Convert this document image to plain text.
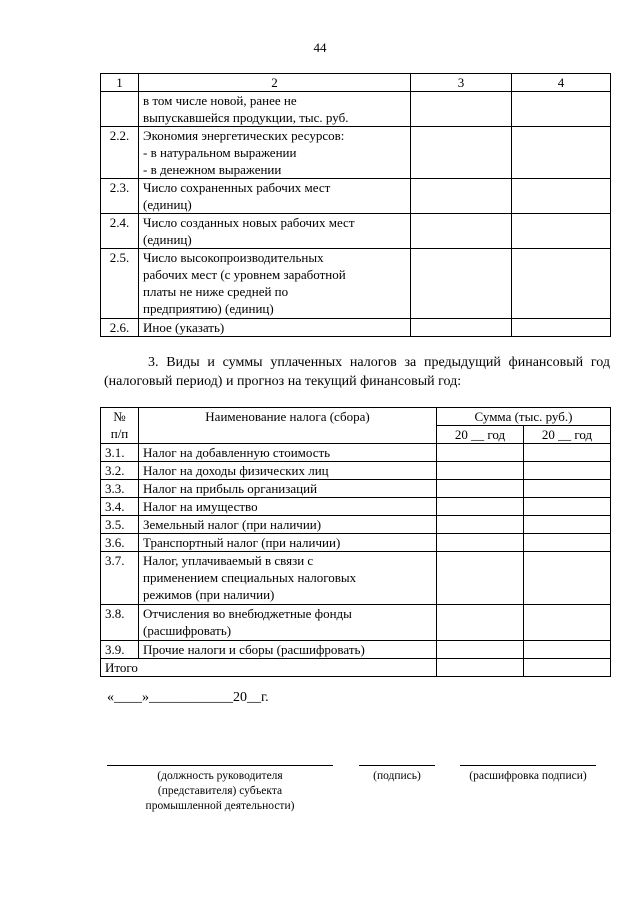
44
1	2	3	4
	в том числе новой, ранее не
выпускавшейся продукции, тыс. руб.		
2.2.	Экономия энергетических ресурсов:
- в натуральном выражении
- в денежном выражении		
2.3.	Число сохраненных рабочих мест
(единиц)		
2.4.	Число созданных новых рабочих мест
(единиц)		
2.5.	Число высокопроизводительных
рабочих мест (с уровнем заработной
платы не ниже средней по
предприятию) (единиц)		
2.6.	Иное (указать)		
3. Виды и суммы уплаченных налогов за предыдущий финансовый год (налоговый период) и прогноз на текущий финансовый год:
№
п/п	Наименование налога (сбора)	Сумма (тыс. руб.)	
		20 __ год	20 __ год
3.1.	Налог на добавленную стоимость		
3.2.	Налог на доходы физических лиц		
3.3.	Налог на прибыль организаций		
3.4.	Налог на имущество		
3.5.	Земельный налог (при наличии)		
3.6.	Транспортный налог (при наличии)		
3.7.	Налог, уплачиваемый в связи с
применением специальных налоговых
режимов (при наличии)		
3.8.	Отчисления во внебюджетные фонды
(расшифровать)		
3.9.	Прочие налоги и сборы (расшифровать)		
Итого			
«____»____________20__г.
(должность руководителя
(представителя) субъекта
промышленной деятельности)
(подпись)	(расшифровка подписи)
